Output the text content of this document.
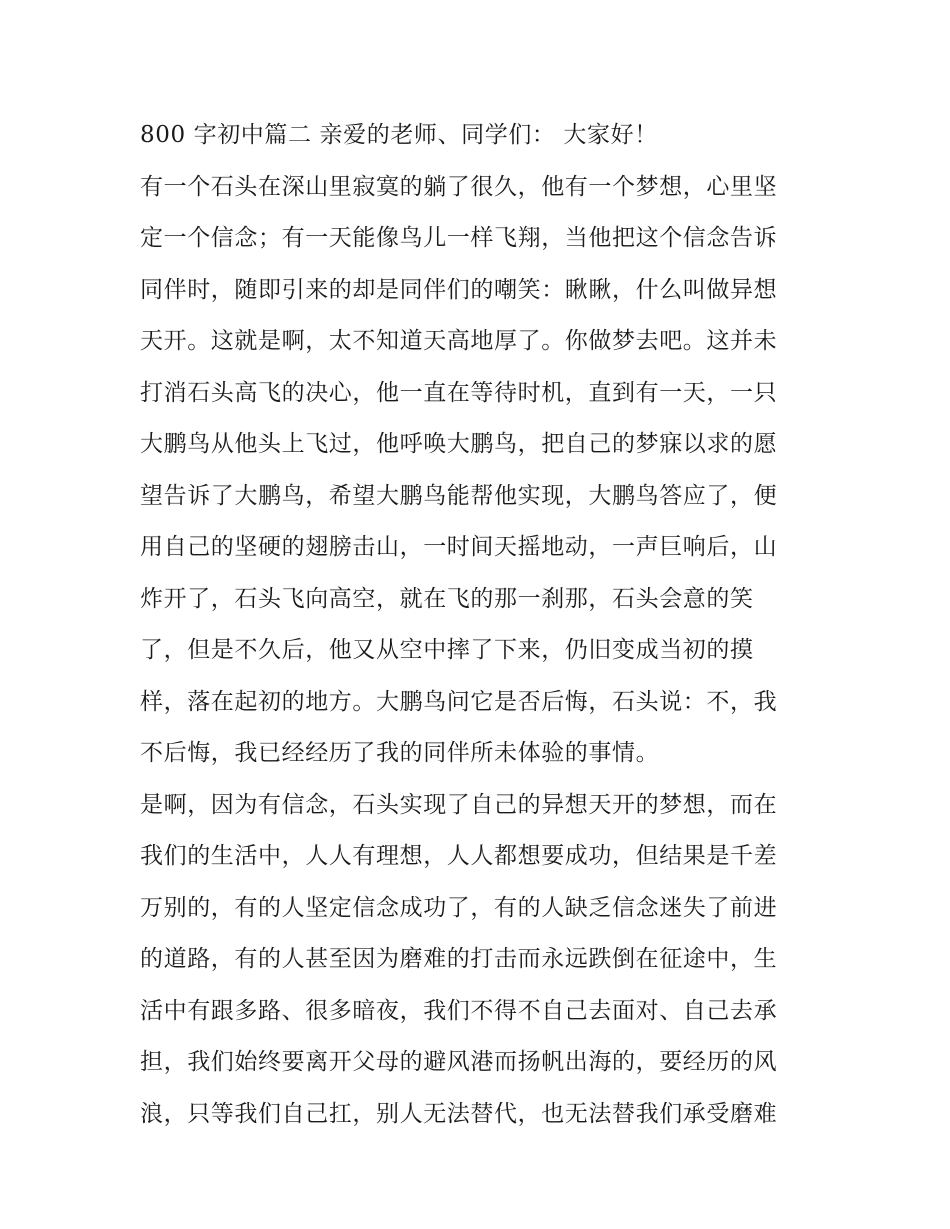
800 字初中篇二 亲爱的老师、同学们： 大家好！
有一个石头在深山里寂寞的躺了很久，他有一个梦想，心里坚
定一个信念；有一天能像鸟儿一样飞翔，当他把这个信念告诉
同伴时，随即引来的却是同伴们的嘲笑：瞅瞅，什么叫做异想
天开。这就是啊，太不知道天高地厚了。你做梦去吧。这并未
打消石头高飞的决心，他一直在等待时机，直到有一天，一只
大鹏鸟从他头上飞过，他呼唤大鹏鸟，把自己的梦寐以求的愿
望告诉了大鹏鸟，希望大鹏鸟能帮他实现，大鹏鸟答应了，便
用自己的坚硬的翅膀击山，一时间天摇地动，一声巨响后，山
炸开了，石头飞向高空，就在飞的那一刹那，石头会意的笑
了，但是不久后，他又从空中摔了下来，仍旧变成当初的摸
样，落在起初的地方。大鹏鸟问它是否后悔，石头说：不，我
不后悔，我已经经历了我的同伴所未体验的事情。
是啊，因为有信念，石头实现了自己的异想天开的梦想，而在
我们的生活中，人人有理想，人人都想要成功，但结果是千差
万别的，有的人坚定信念成功了，有的人缺乏信念迷失了前进
的道路，有的人甚至因为磨难的打击而永远跌倒在征途中，生
活中有跟多路、很多暗夜，我们不得不自己去面对、自己去承
担，我们始终要离开父母的避风港而扬帆出海的，要经历的风
浪，只等我们自己扛，别人无法替代，也无法替我们承受磨难
